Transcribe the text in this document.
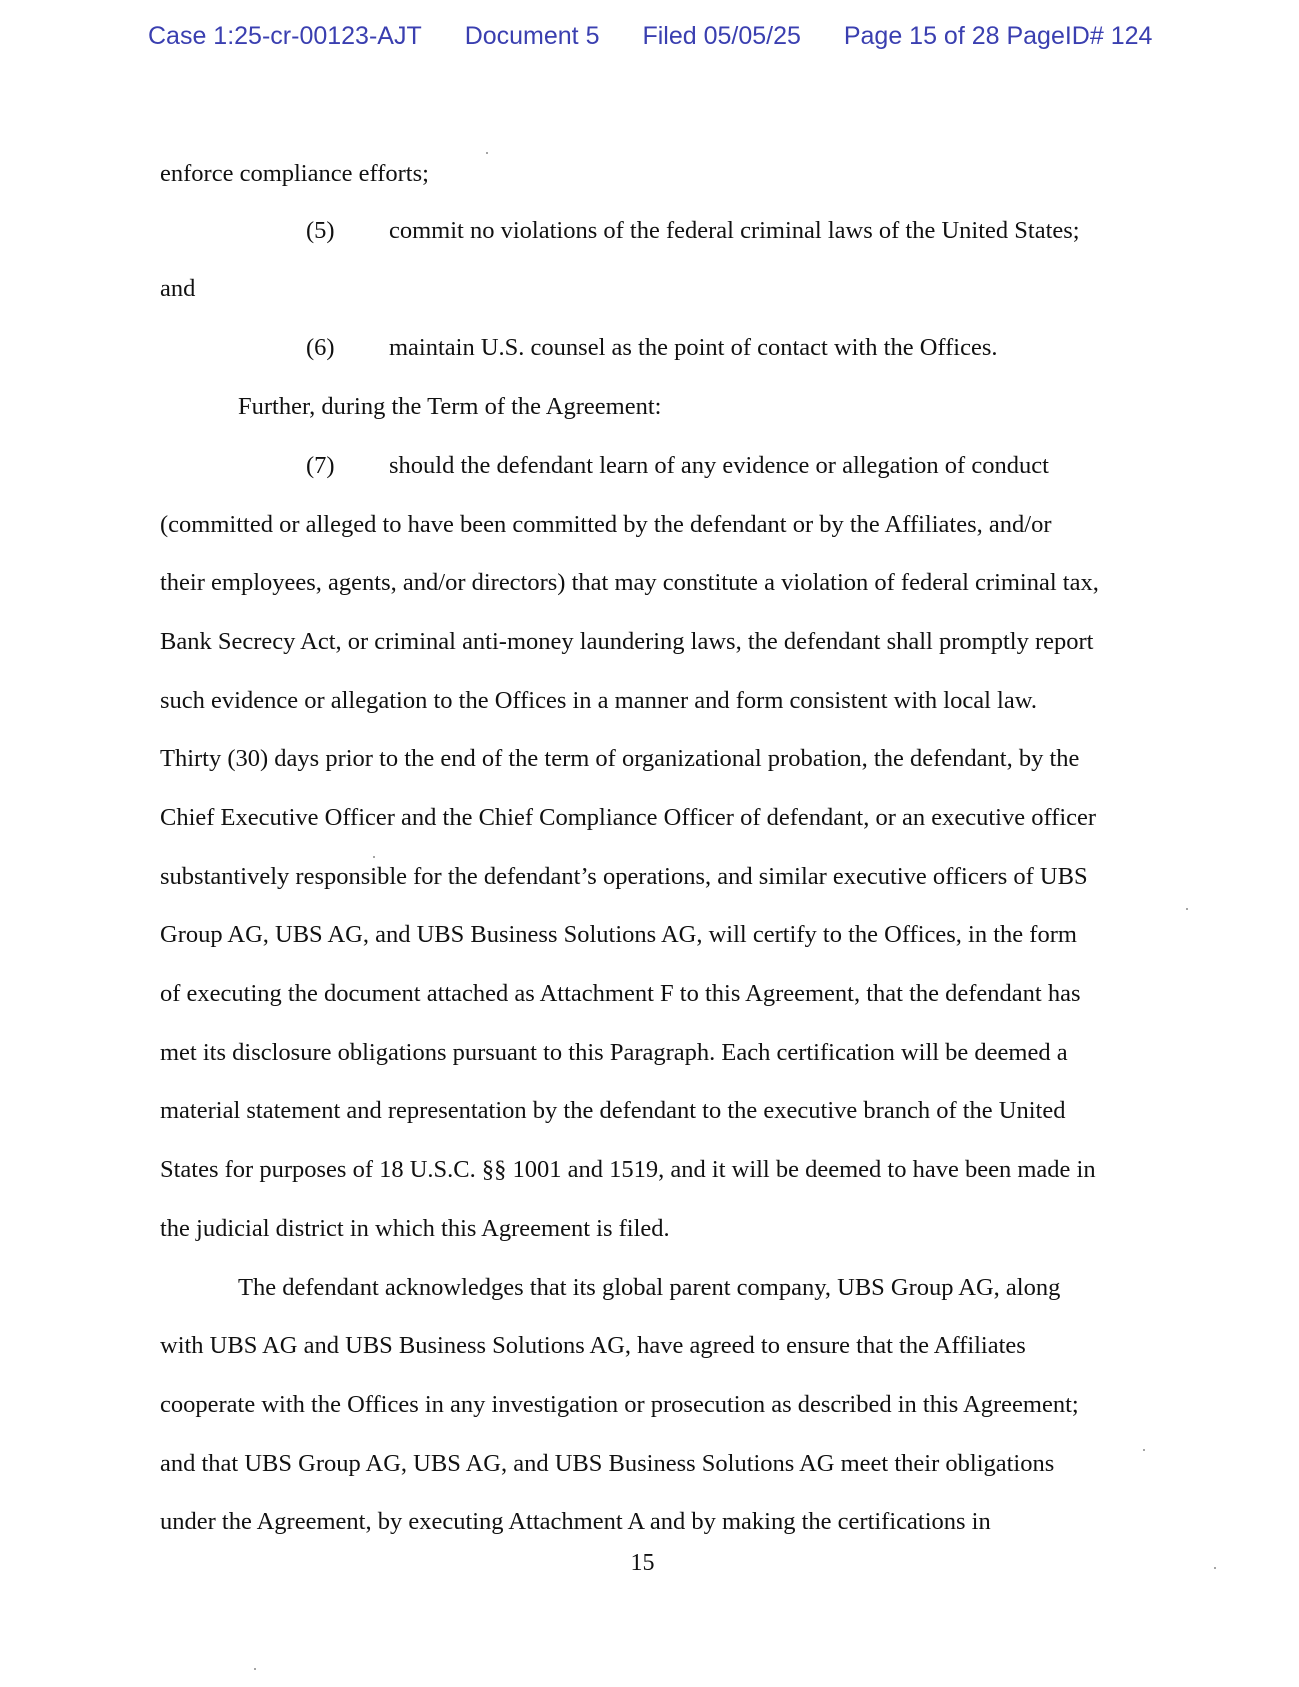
Case 1:25-cr-00123-AJT Document 5 Filed 05/05/25 Page 15 of 28 PageID# 124
enforce compliance efforts;
(5) commit no violations of the federal criminal laws of the United States;
and
(6) maintain U.S. counsel as the point of contact with the Offices.
Further, during the Term of the Agreement:
(7) should the defendant learn of any evidence or allegation of conduct
(committed or alleged to have been committed by the defendant or by the Affiliates, and/or
their employees, agents, and/or directors) that may constitute a violation of federal criminal tax,
Bank Secrecy Act, or criminal anti-money laundering laws, the defendant shall promptly report
such evidence or allegation to the Offices in a manner and form consistent with local law.
Thirty (30) days prior to the end of the term of organizational probation, the defendant, by the
Chief Executive Officer and the Chief Compliance Officer of defendant, or an executive officer
substantively responsible for the defendant’s operations, and similar executive officers of UBS
Group AG, UBS AG, and UBS Business Solutions AG, will certify to the Offices, in the form
of executing the document attached as Attachment F to this Agreement, that the defendant has
met its disclosure obligations pursuant to this Paragraph. Each certification will be deemed a
material statement and representation by the defendant to the executive branch of the United
States for purposes of 18 U.S.C. §§ 1001 and 1519, and it will be deemed to have been made in
the judicial district in which this Agreement is filed.
The defendant acknowledges that its global parent company, UBS Group AG, along
with UBS AG and UBS Business Solutions AG, have agreed to ensure that the Affiliates
cooperate with the Offices in any investigation or prosecution as described in this Agreement;
and that UBS Group AG, UBS AG, and UBS Business Solutions AG meet their obligations
under the Agreement, by executing Attachment A and by making the certifications in
15
